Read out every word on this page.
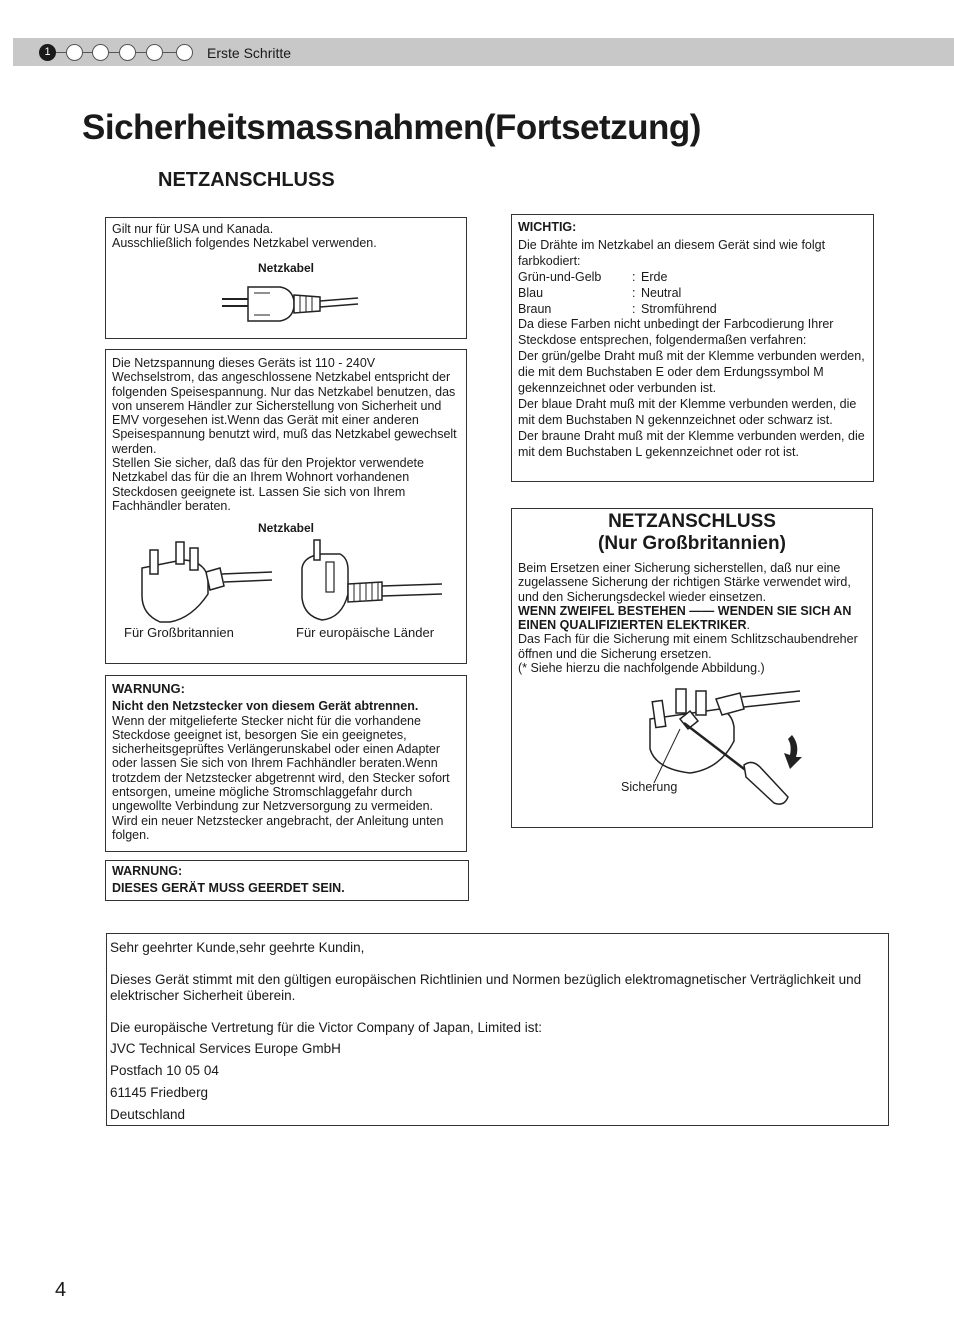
1	Erste Schritte
Sicherheitsmassnahmen(Fortsetzung)
NETZANSCHLUSS

Gilt nur für USA und Kanada.

Ausschließlich folgendes Netzkabel verwenden.

Netzkabel

Die Netzspannung dieses Geräts ist 110 - 240V Wechselstrom, das angeschlossene Netzkabel entspricht der folgenden Speisespannung. Nur das Netzkabel benutzen, das von unserem Händler zur Sicherstellung von Sicherheit und EMV vorgesehen ist.Wenn das Gerät mit einer anderen Speisespannung benutzt wird, muß das Netzkabel gewechselt werden.

Stellen Sie sicher, daß das für den Projektor verwendete Netzkabel das für die an Ihrem Wohnort vorhandenen Steckdosen geeignete ist. Lassen Sie sich von Ihrem Fachhändler beraten.

Netzkabel

Für Großbritannien	Für europäische Länder

WARNUNG:

Nicht den Netzstecker von diesem Gerät abtrennen.

Wenn der mitgelieferte Stecker nicht für die vorhandene Steckdose geeignet ist, besorgen Sie ein geeignetes, sicherheitsgeprüftes Verlängerunskabel oder einen Adapter oder lassen Sie sich von Ihrem Fachhändler beraten.Wenn trotzdem der Netzstecker abgetrennt wird, den Stecker sofort entsorgen, umeine mögliche Stromschlaggefahr durch ungewollte Verbindung zur Netzversorgung zu vermeiden. Wird ein neuer Netzstecker angebracht, der Anleitung unten folgen.

WARNUNG:

DIESES GERÄT MUSS GEERDET SEIN.

WICHTIG:

Die Drähte im Netzkabel an diesem Gerät sind wie folgt farbkodiert:

Grün-und-Gelb	: Erde
Blau	: Neutral
Braun	: Stromführend

Da diese Farben nicht unbedingt der Farbcodierung Ihrer Steckdose entsprechen, folgendermaßen verfahren:

Der grün/gelbe Draht muß mit der Klemme verbunden werden, die mit dem Buchstaben E oder dem Erdungssymbol M gekennzeichnet oder verbunden ist.

Der blaue Draht muß mit der Klemme verbunden werden, die mit dem Buchstaben N gekennzeichnet oder schwarz ist.

Der braune Draht muß mit der Klemme verbunden werden, die mit dem Buchstaben L gekennzeichnet oder rot ist.

NETZANSCHLUSS

(Nur Großbritannien)

Beim Ersetzen einer Sicherung sicherstellen, daß nur eine zugelassene Sicherung der richtigen Stärke verwendet wird, und den Sicherungsdeckel wieder einsetzen.

WENN ZWEIFEL BESTEHEN —— WENDEN SIE SICH AN EINEN QUALIFIZIERTEN ELEKTRIKER.

Das Fach für die Sicherung mit einem Schlitzschaubendreher öffnen und die Sicherung ersetzen.

(* Siehe hierzu die nachfolgende Abbildung.)

Sicherung

Sehr geehrter Kunde,sehr geehrte Kundin,

Dieses Gerät stimmt mit den gültigen europäischen Richtlinien und Normen bezüglich elektromagnetischer Verträglichkeit und elektrischer Sicherheit überein.

Die europäische Vertretung für die Victor Company of Japan, Limited ist:

JVC Technical Services Europe GmbH

Postfach 10 05 04

61145 Friedberg

Deutschland

4
